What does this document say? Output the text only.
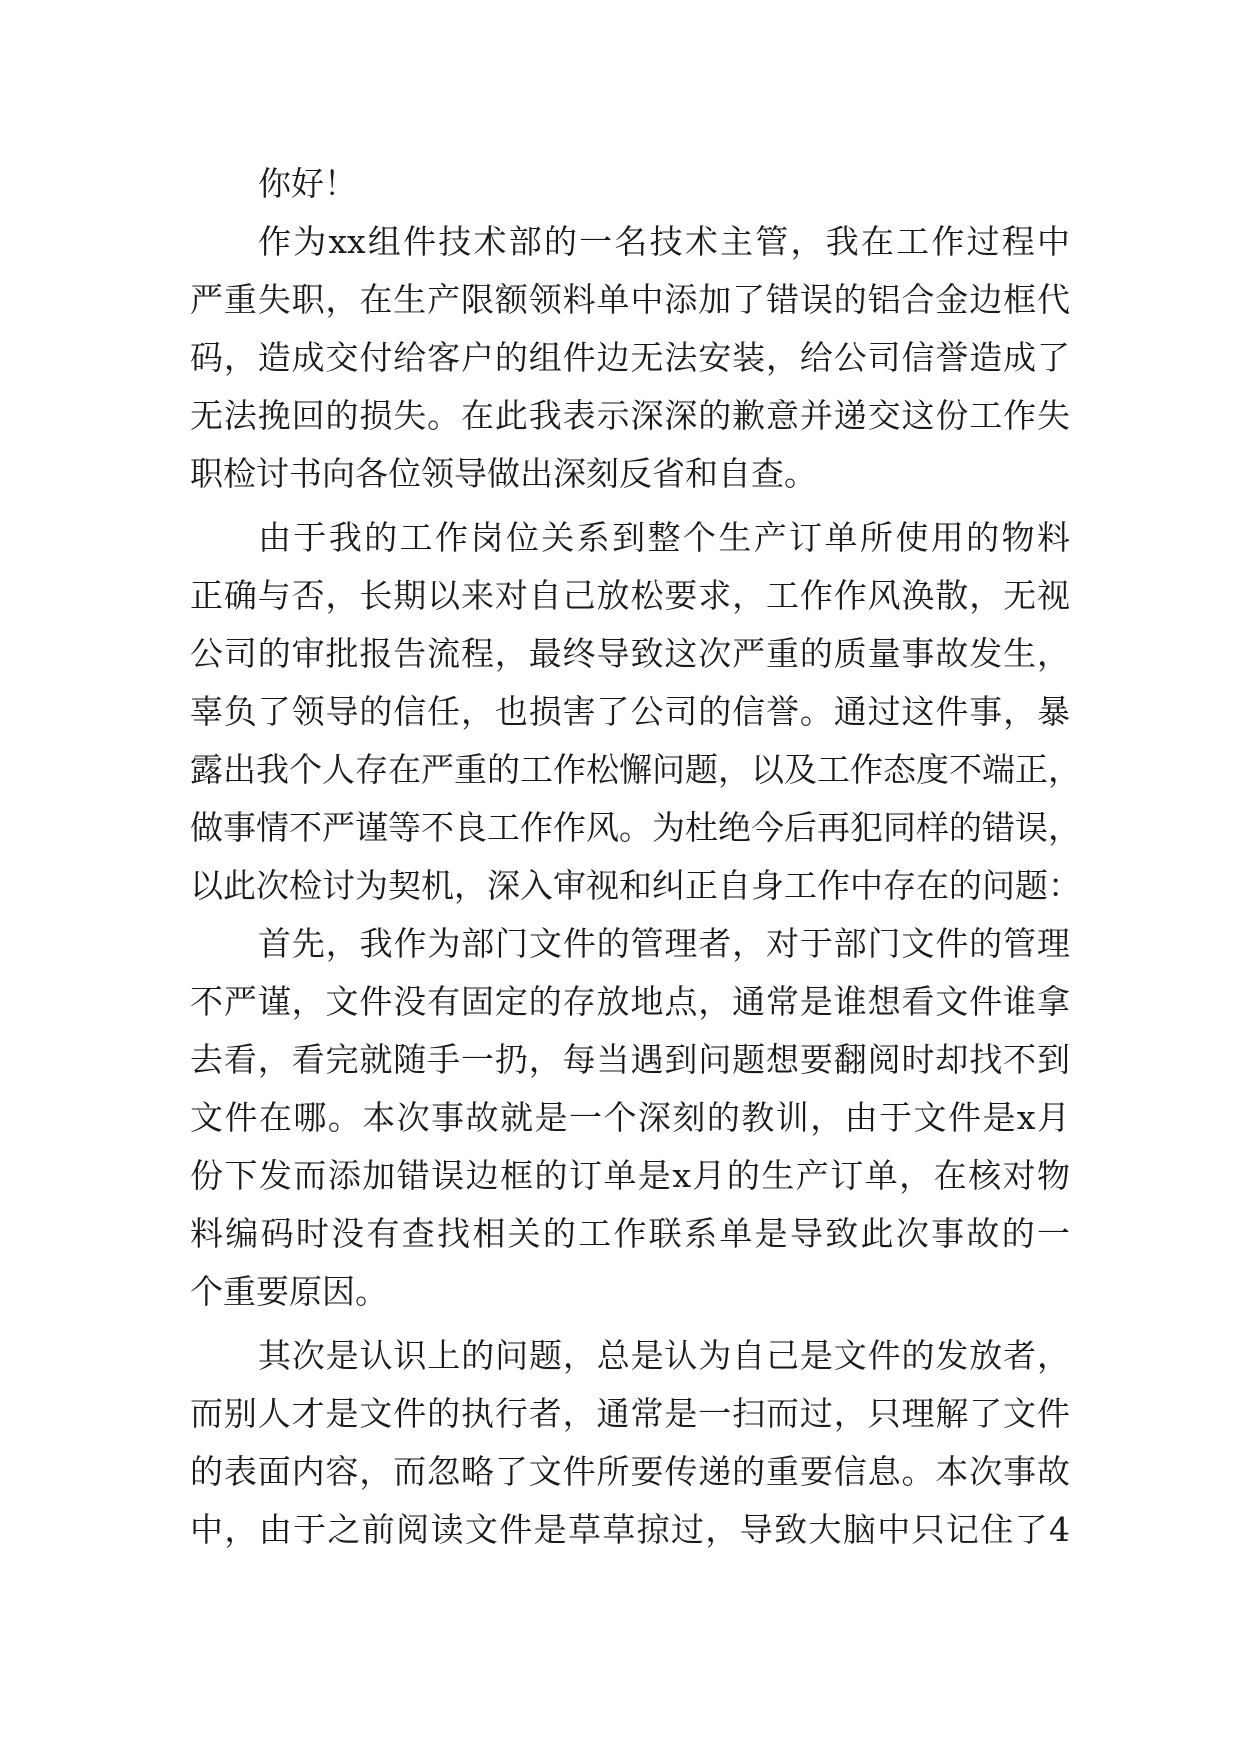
你好！
作为xx组件技术部的一名技术主管，我在工作过程中
严重失职，在生产限额领料单中添加了错误的铝合金边框代
码，造成交付给客户的组件边无法安装，给公司信誉造成了
无法挽回的损失。在此我表示深深的歉意并递交这份工作失
职检讨书向各位领导做出深刻反省和自查。
由于我的工作岗位关系到整个生产订单所使用的物料
正确与否，长期以来对自己放松要求，工作作风涣散，无视
公司的审批报告流程，最终导致这次严重的质量事故发生，
辜负了领导的信任，也损害了公司的信誉。通过这件事，暴
露出我个人存在严重的工作松懈问题，以及工作态度不端正，
做事情不严谨等不良工作作风。为杜绝今后再犯同样的错误，
以此次检讨为契机，深入审视和纠正自身工作中存在的问题：
首先，我作为部门文件的管理者，对于部门文件的管理
不严谨，文件没有固定的存放地点，通常是谁想看文件谁拿
去看，看完就随手一扔，每当遇到问题想要翻阅时却找不到
文件在哪。本次事故就是一个深刻的教训，由于文件是x月
份下发而添加错误边框的订单是x月的生产订单，在核对物
料编码时没有查找相关的工作联系单是导致此次事故的一
个重要原因。
其次是认识上的问题，总是认为自己是文件的发放者，
而别人才是文件的执行者，通常是一扫而过，只理解了文件
的表面内容，而忽略了文件所要传递的重要信息。本次事故
中，由于之前阅读文件是草草掠过，导致大脑中只记住了4
